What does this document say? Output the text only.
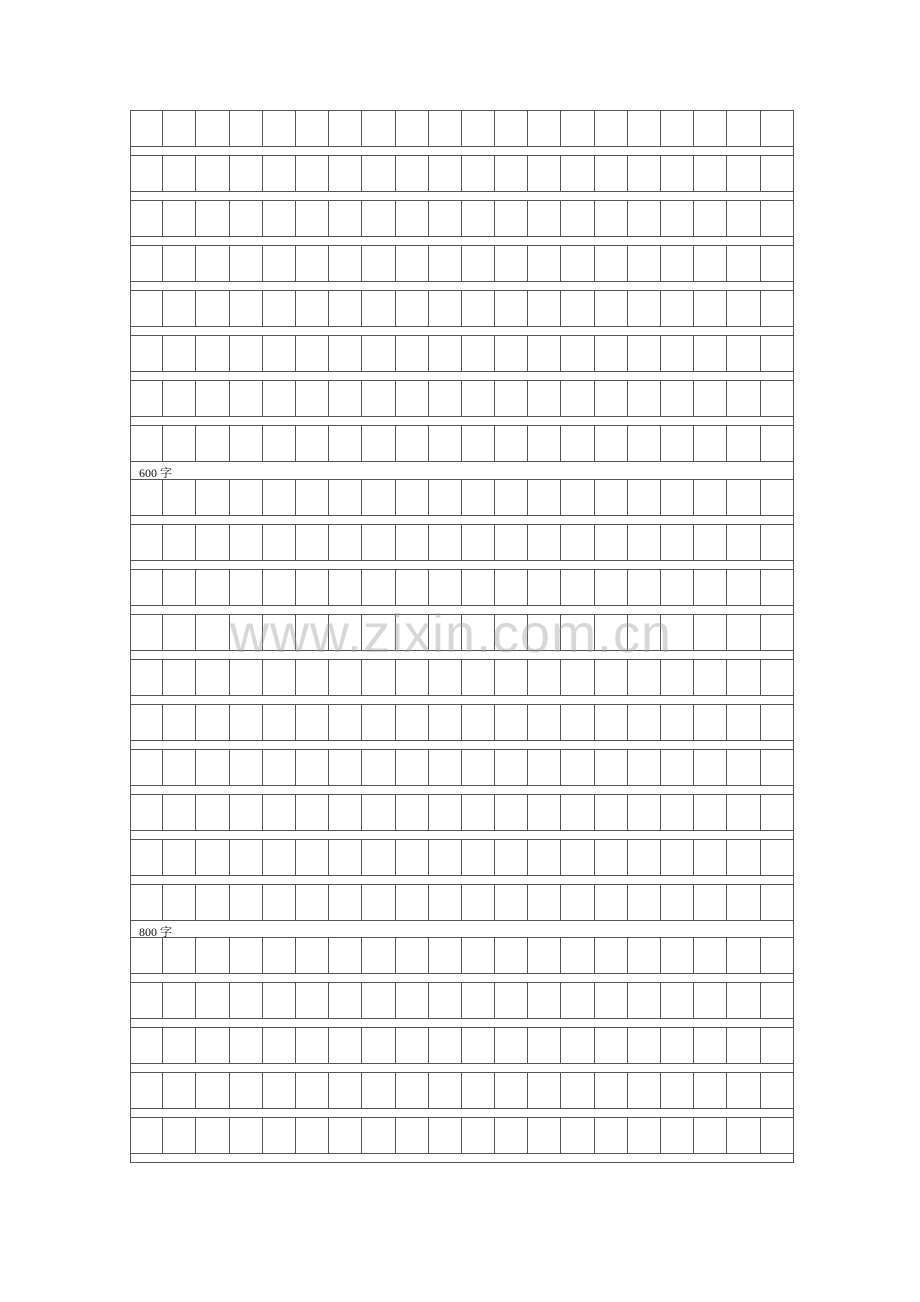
600 字
800 字
www.zixin.com.cn
